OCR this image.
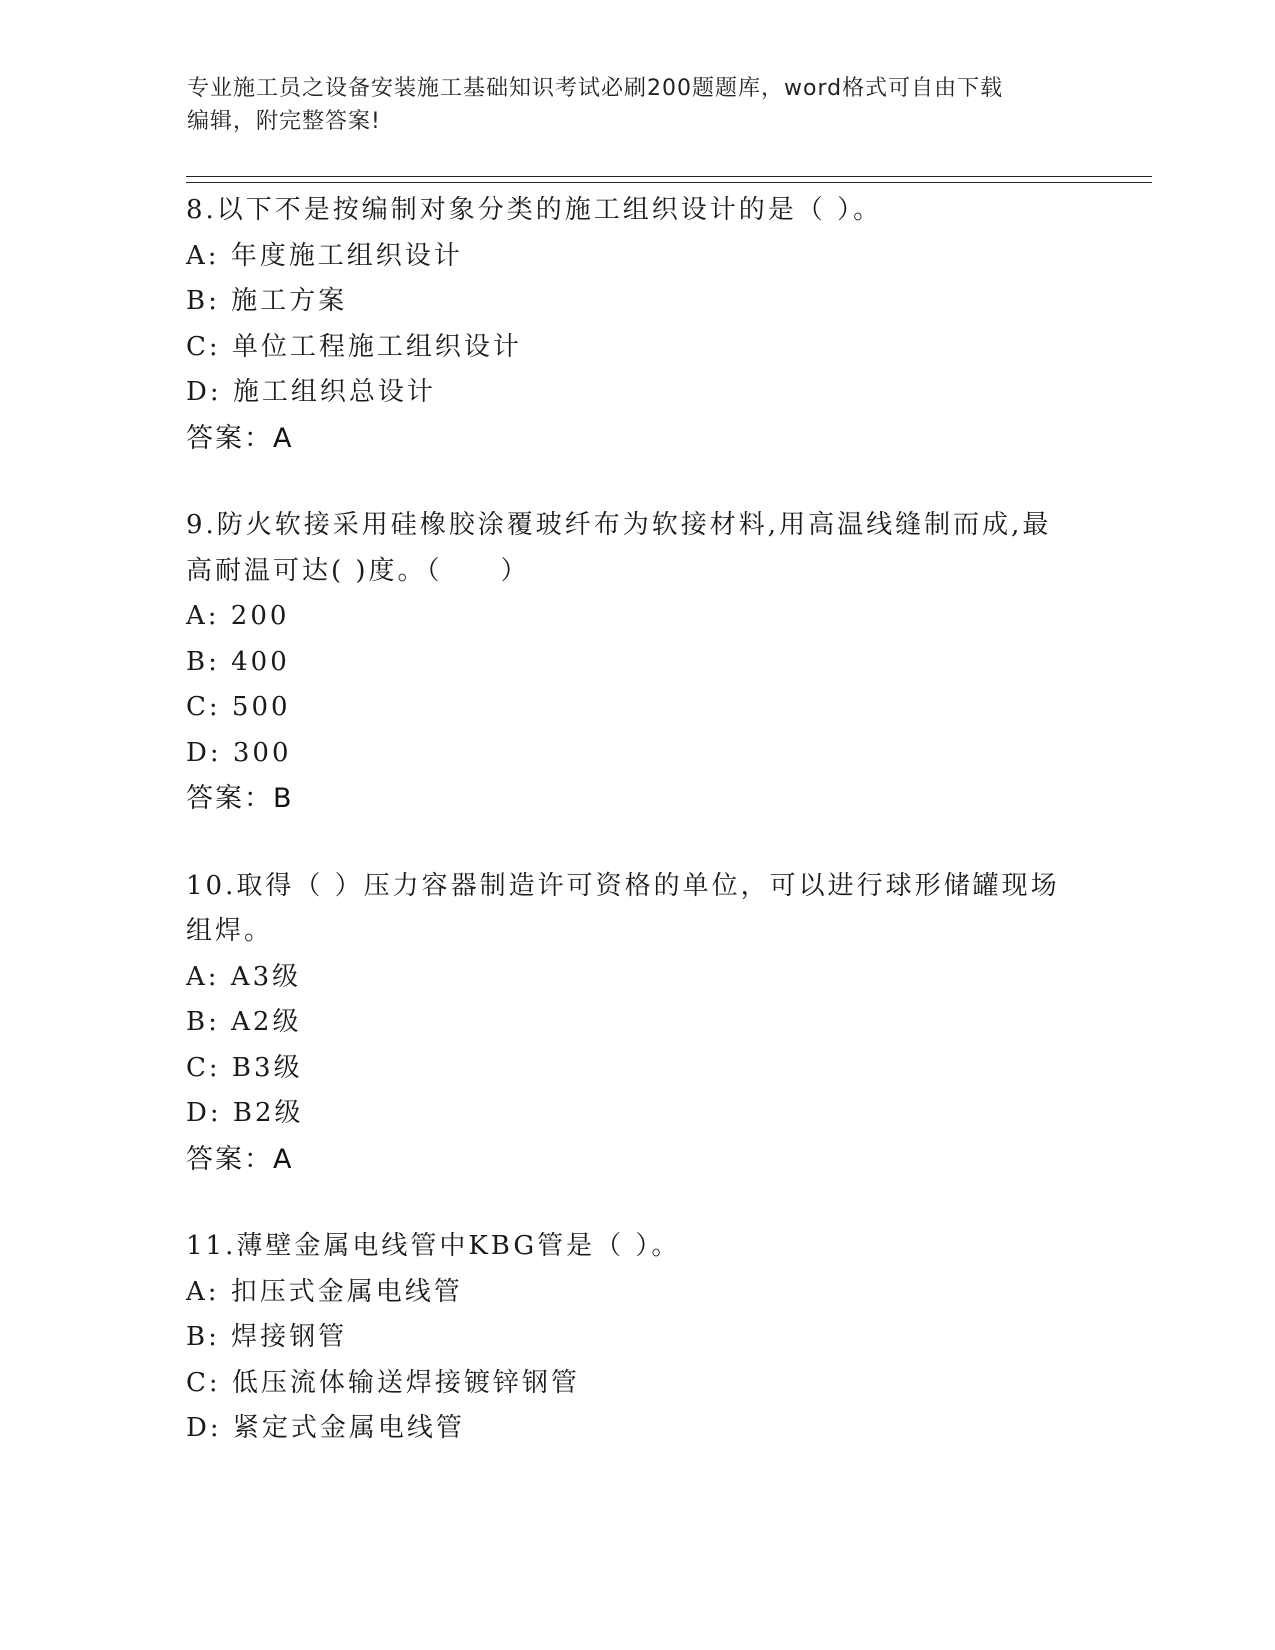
专业施工员之设备安装施工基础知识考试必刷200题题库，word格式可自由下载
编辑，附完整答案!
8.以下不是按编制对象分类的施工组织设计的是（ ）。
A: 年度施工组织设计
B: 施工方案
C: 单位工程施工组织设计
D: 施工组织总设计
答案：A
9.防火软接采用硅橡胶涂覆玻纤布为软接材料,用高温线缝制而成,最
高耐温可达( )度。（　　）
A: 200
B: 400
C: 500
D: 300
答案：B
10.取得（ ）压力容器制造许可资格的单位，可以进行球形储罐现场
组焊。
A: A3级
B: A2级
C: B3级
D: B2级
答案：A
11.薄壁金属电线管中KBG管是（ ）。
A: 扣压式金属电线管
B: 焊接钢管
C: 低压流体输送焊接镀锌钢管
D: 紧定式金属电线管
